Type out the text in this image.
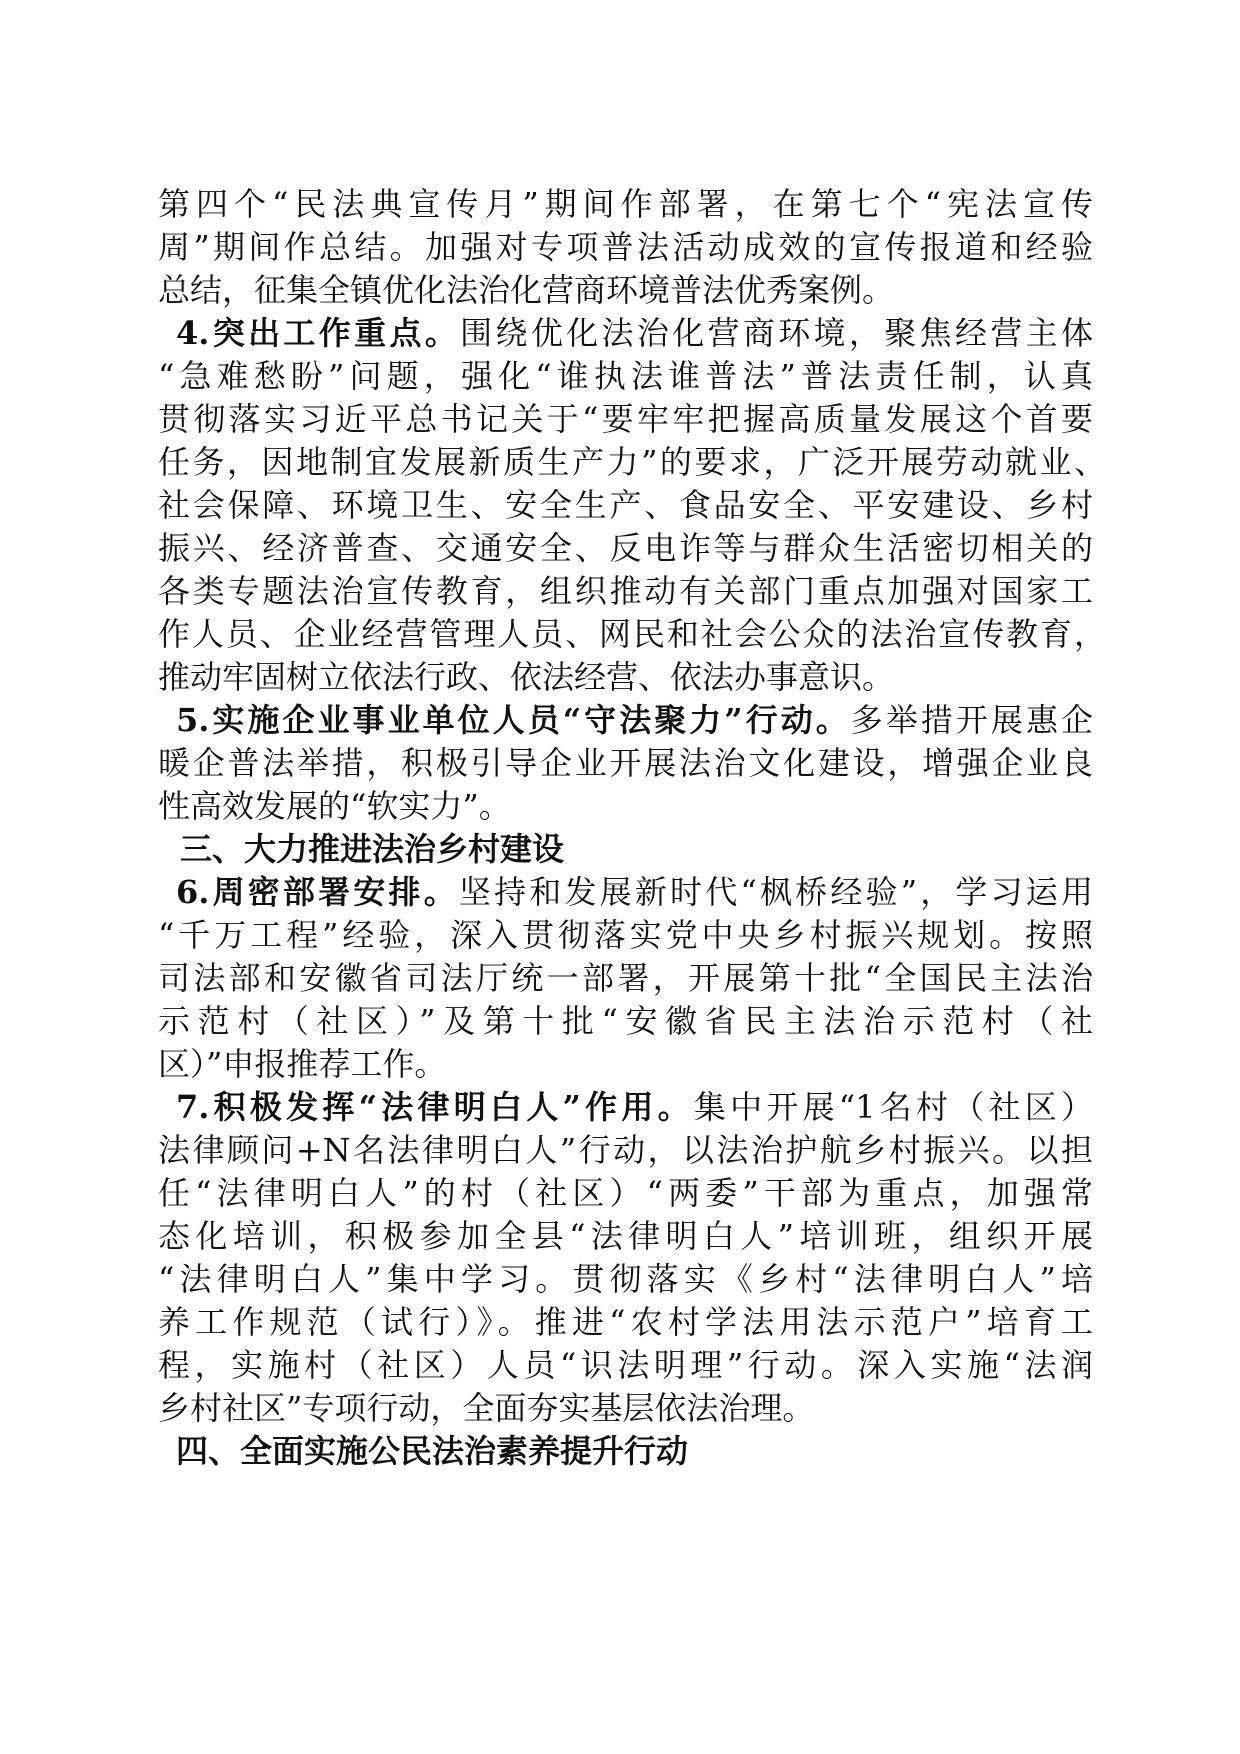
第四个“民法典宣传月”期间作部署，在第七个“宪法宣传
周”期间作总结。加强对专项普法活动成效的宣传报道和经验
总结，征集全镇优化法治化营商环境普法优秀案例。
4.突出工作重点。围绕优化法治化营商环境，聚焦经营主体
“急难愁盼”问题，强化“谁执法谁普法”普法责任制，认真
贯彻落实习近平总书记关于“要牢牢把握高质量发展这个首要
任务，因地制宜发展新质生产力”的要求，广泛开展劳动就业、
社会保障、环境卫生、安全生产、食品安全、平安建设、乡村
振兴、经济普查、交通安全、反电诈等与群众生活密切相关的
各类专题法治宣传教育，组织推动有关部门重点加强对国家工
作人员、企业经营管理人员、网民和社会公众的法治宣传教育，
推动牢固树立依法行政、依法经营、依法办事意识。
5.实施企业事业单位人员“守法聚力”行动。多举措开展惠企
暖企普法举措，积极引导企业开展法治文化建设，增强企业良
性高效发展的“软实力”。
三、大力推进法治乡村建设
6.周密部署安排。坚持和发展新时代“枫桥经验”，学习运用
“千万工程”经验，深入贯彻落实党中央乡村振兴规划。按照
司法部和安徽省司法厅统一部署，开展第十批“全国民主法治
示范村（社区）”及第十批“安徽省民主法治示范村（社
区）”申报推荐工作。
7.积极发挥“法律明白人”作用。集中开展“1名村（社区）
法律顾问+N名法律明白人”行动，以法治护航乡村振兴。以担
任“法律明白人”的村（社区）“两委”干部为重点，加强常
态化培训，积极参加全县“法律明白人”培训班，组织开展
“法律明白人”集中学习。贯彻落实《乡村“法律明白人”培
养工作规范（试行）》。推进“农村学法用法示范户”培育工
程，实施村（社区）人员“识法明理”行动。深入实施“法润
乡村社区”专项行动，全面夯实基层依法治理。
四、全面实施公民法治素养提升行动
